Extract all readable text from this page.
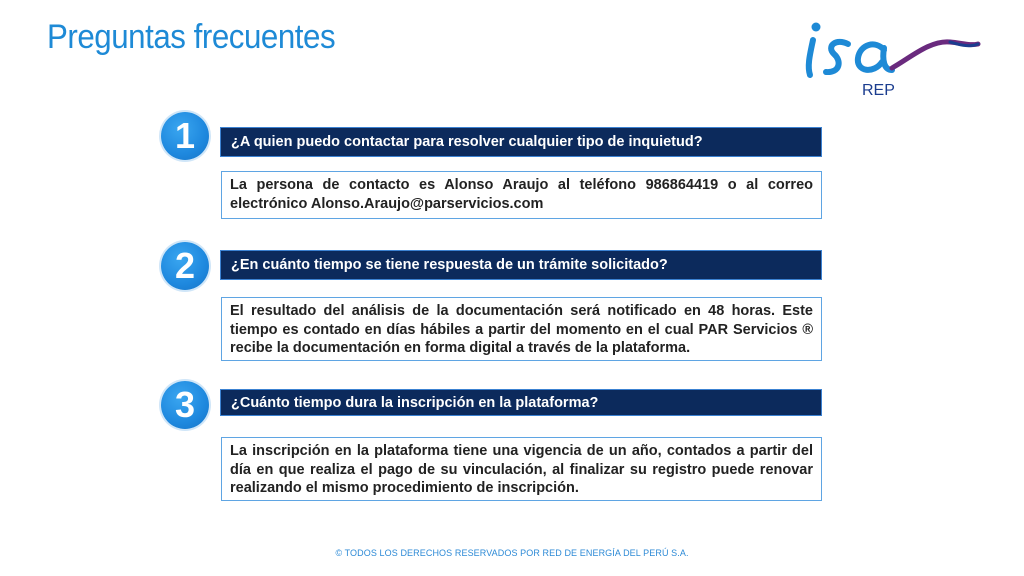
Preguntas frecuentes
REP
1	¿A quien puedo contactar para resolver cualquier tipo de inquietud?
La persona de contacto es Alonso Araujo al teléfono 986864419 o al correo electrónico Alonso.Araujo@parservicios.com
2	¿En cuánto tiempo se tiene respuesta de un trámite solicitado?
El resultado del análisis de la documentación será notificado en 48 horas. Este tiempo es contado en días hábiles a partir del momento en el cual PAR Servicios ® recibe la documentación en forma digital a través de la plataforma.
3	¿Cuánto tiempo dura la inscripción en la plataforma?
La inscripción en la plataforma tiene una vigencia de un año, contados a partir del día en que realiza el pago de su vinculación, al finalizar su registro puede renovar realizando el mismo procedimiento de inscripción.
© TODOS LOS DERECHOS RESERVADOS POR RED DE ENERGÍA DEL PERÚ S.A.
